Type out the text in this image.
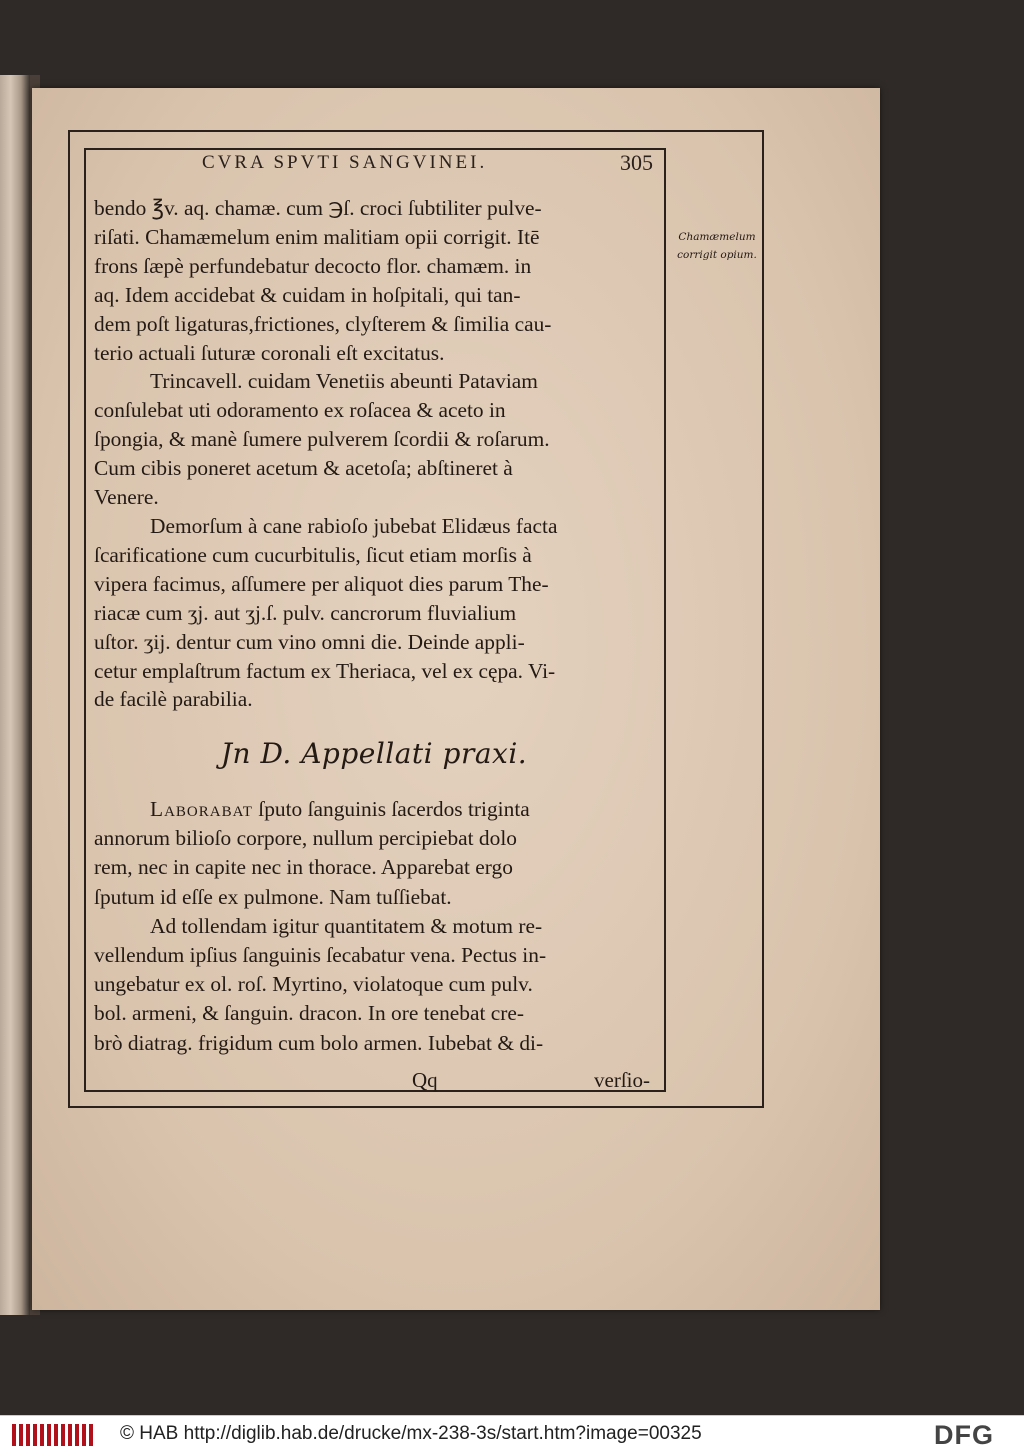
CVRA SPVTI SANGVINEI.	305
Chamæmelum
corrigit opium.
bendo ℥v. aq. chamæ. cum ℈ſ. croci ſubtiliter pulve-
riſati. Chamæmelum enim malitiam opii corrigit. Itē
frons ſæpè perfundebatur decocto flor. chamæm. in
aq. Idem accidebat & cuidam in hoſpitali, qui tan-
dem poſt ligaturas,frictiones, clyſterem & ſimilia cau-
terio actuali ſuturæ coronali eſt excitatus.
Trincavell. cuidam Venetiis abeunti Pataviam
conſulebat uti odoramento ex roſacea & aceto in
ſpongia, & manè ſumere pulverem ſcordii & roſarum.
Cum cibis poneret acetum & acetoſa; abſtineret à
Venere.
Demorſum à cane rabioſo jubebat Elidæus facta
ſcarificatione cum cucurbitulis, ſicut etiam morſis à
vipera facimus, aſſumere per aliquot dies parum The-
riacæ cum ʒj. aut ʒj.ſ. pulv. cancrorum fluvialium
uſtor. ʒij. dentur cum vino omni die. Deinde appli-
cetur emplaſtrum factum ex Theriaca, vel ex cępa. Vi-
de facilè parabilia.
Jn D. Appellati praxi.
Laborabat ſputo ſanguinis ſacerdos triginta
annorum bilioſo corpore, nullum percipiebat dolo
rem, nec in capite nec in thorace. Apparebat ergo
ſputum id eſſe ex pulmone. Nam tuſſiebat.
Ad tollendam igitur quantitatem & motum re-
vellendum ipſius ſanguinis ſecabatur vena. Pectus in-
ungebatur ex ol. roſ. Myrtino, violatoque cum pulv.
bol. armeni, & ſanguin. dracon. In ore tenebat cre-
brò diatrag. frigidum cum bolo armen. Iubebat & di-
Qq	verſio-
© HAB http://diglib.hab.de/drucke/mx-238-3s/start.htm?image=00325	DFG
